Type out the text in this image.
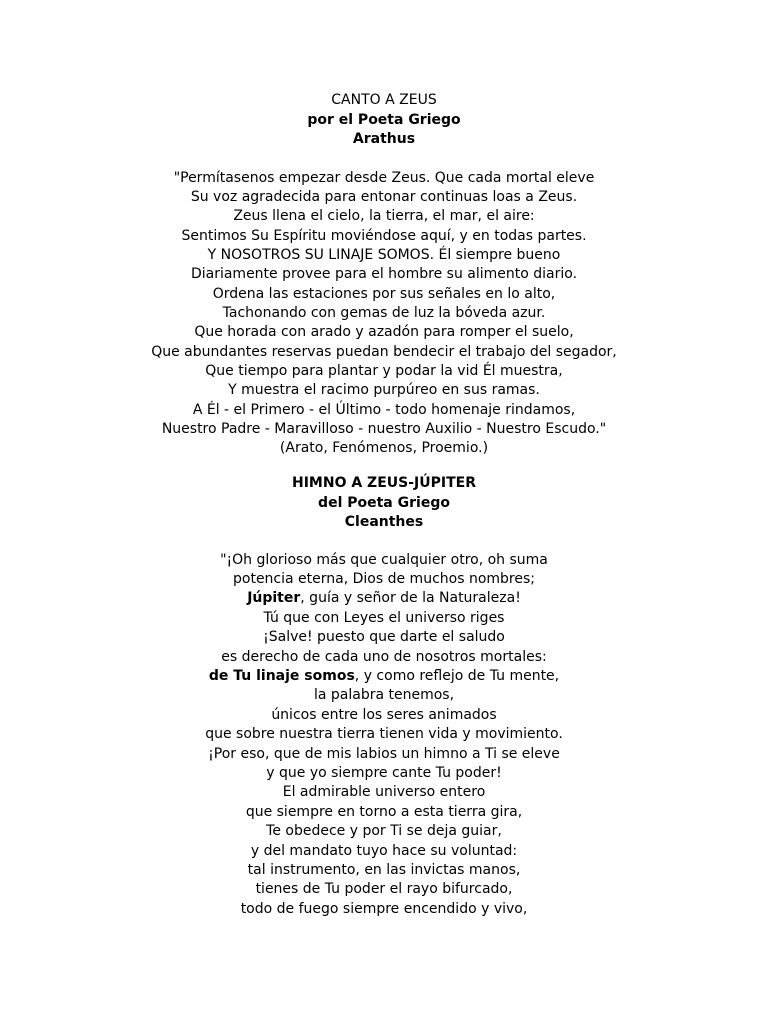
CANTO A ZEUS
por el Poeta Griego
Arathus
"Permítasenos empezar desde Zeus. Que cada mortal eleve
Su voz agradecida para entonar continuas loas a Zeus.
Zeus llena el cielo, la tierra, el mar, el aire:
Sentimos Su Espíritu moviéndose aquí, y en todas partes.
Y NOSOTROS SU LINAJE SOMOS. Él siempre bueno
Diariamente provee para el hombre su alimento diario.
Ordena las estaciones por sus señales en lo alto,
Tachonando con gemas de luz la bóveda azur.
Que horada con arado y azadón para romper el suelo,
Que abundantes reservas puedan bendecir el trabajo del segador,
Que tiempo para plantar y podar la vid Él muestra,
Y muestra el racimo purpúreo en sus ramas.
A Él - el Primero - el Último - todo homenaje rindamos,
Nuestro Padre - Maravilloso - nuestro Auxilio - Nuestro Escudo."
(Arato, Fenómenos, Proemio.)
HIMNO A ZEUS-JÚPITER
del Poeta Griego
Cleanthes
"¡Oh glorioso más que cualquier otro, oh suma
potencia eterna, Dios de muchos nombres;
Júpiter, guía y señor de la Naturaleza!
Tú que con Leyes el universo riges
¡Salve! puesto que darte el saludo
es derecho de cada uno de nosotros mortales:
de Tu linaje somos, y como reflejo de Tu mente,
la palabra tenemos,
únicos entre los seres animados
que sobre nuestra tierra tienen vida y movimiento.
¡Por eso, que de mis labios un himno a Ti se eleve
y que yo siempre cante Tu poder!
El admirable universo entero
que siempre en torno a esta tierra gira,
Te obedece y por Ti se deja guiar,
y del mandato tuyo hace su voluntad:
tal instrumento, en las invictas manos,
tienes de Tu poder el rayo bifurcado,
todo de fuego siempre encendido y vivo,
